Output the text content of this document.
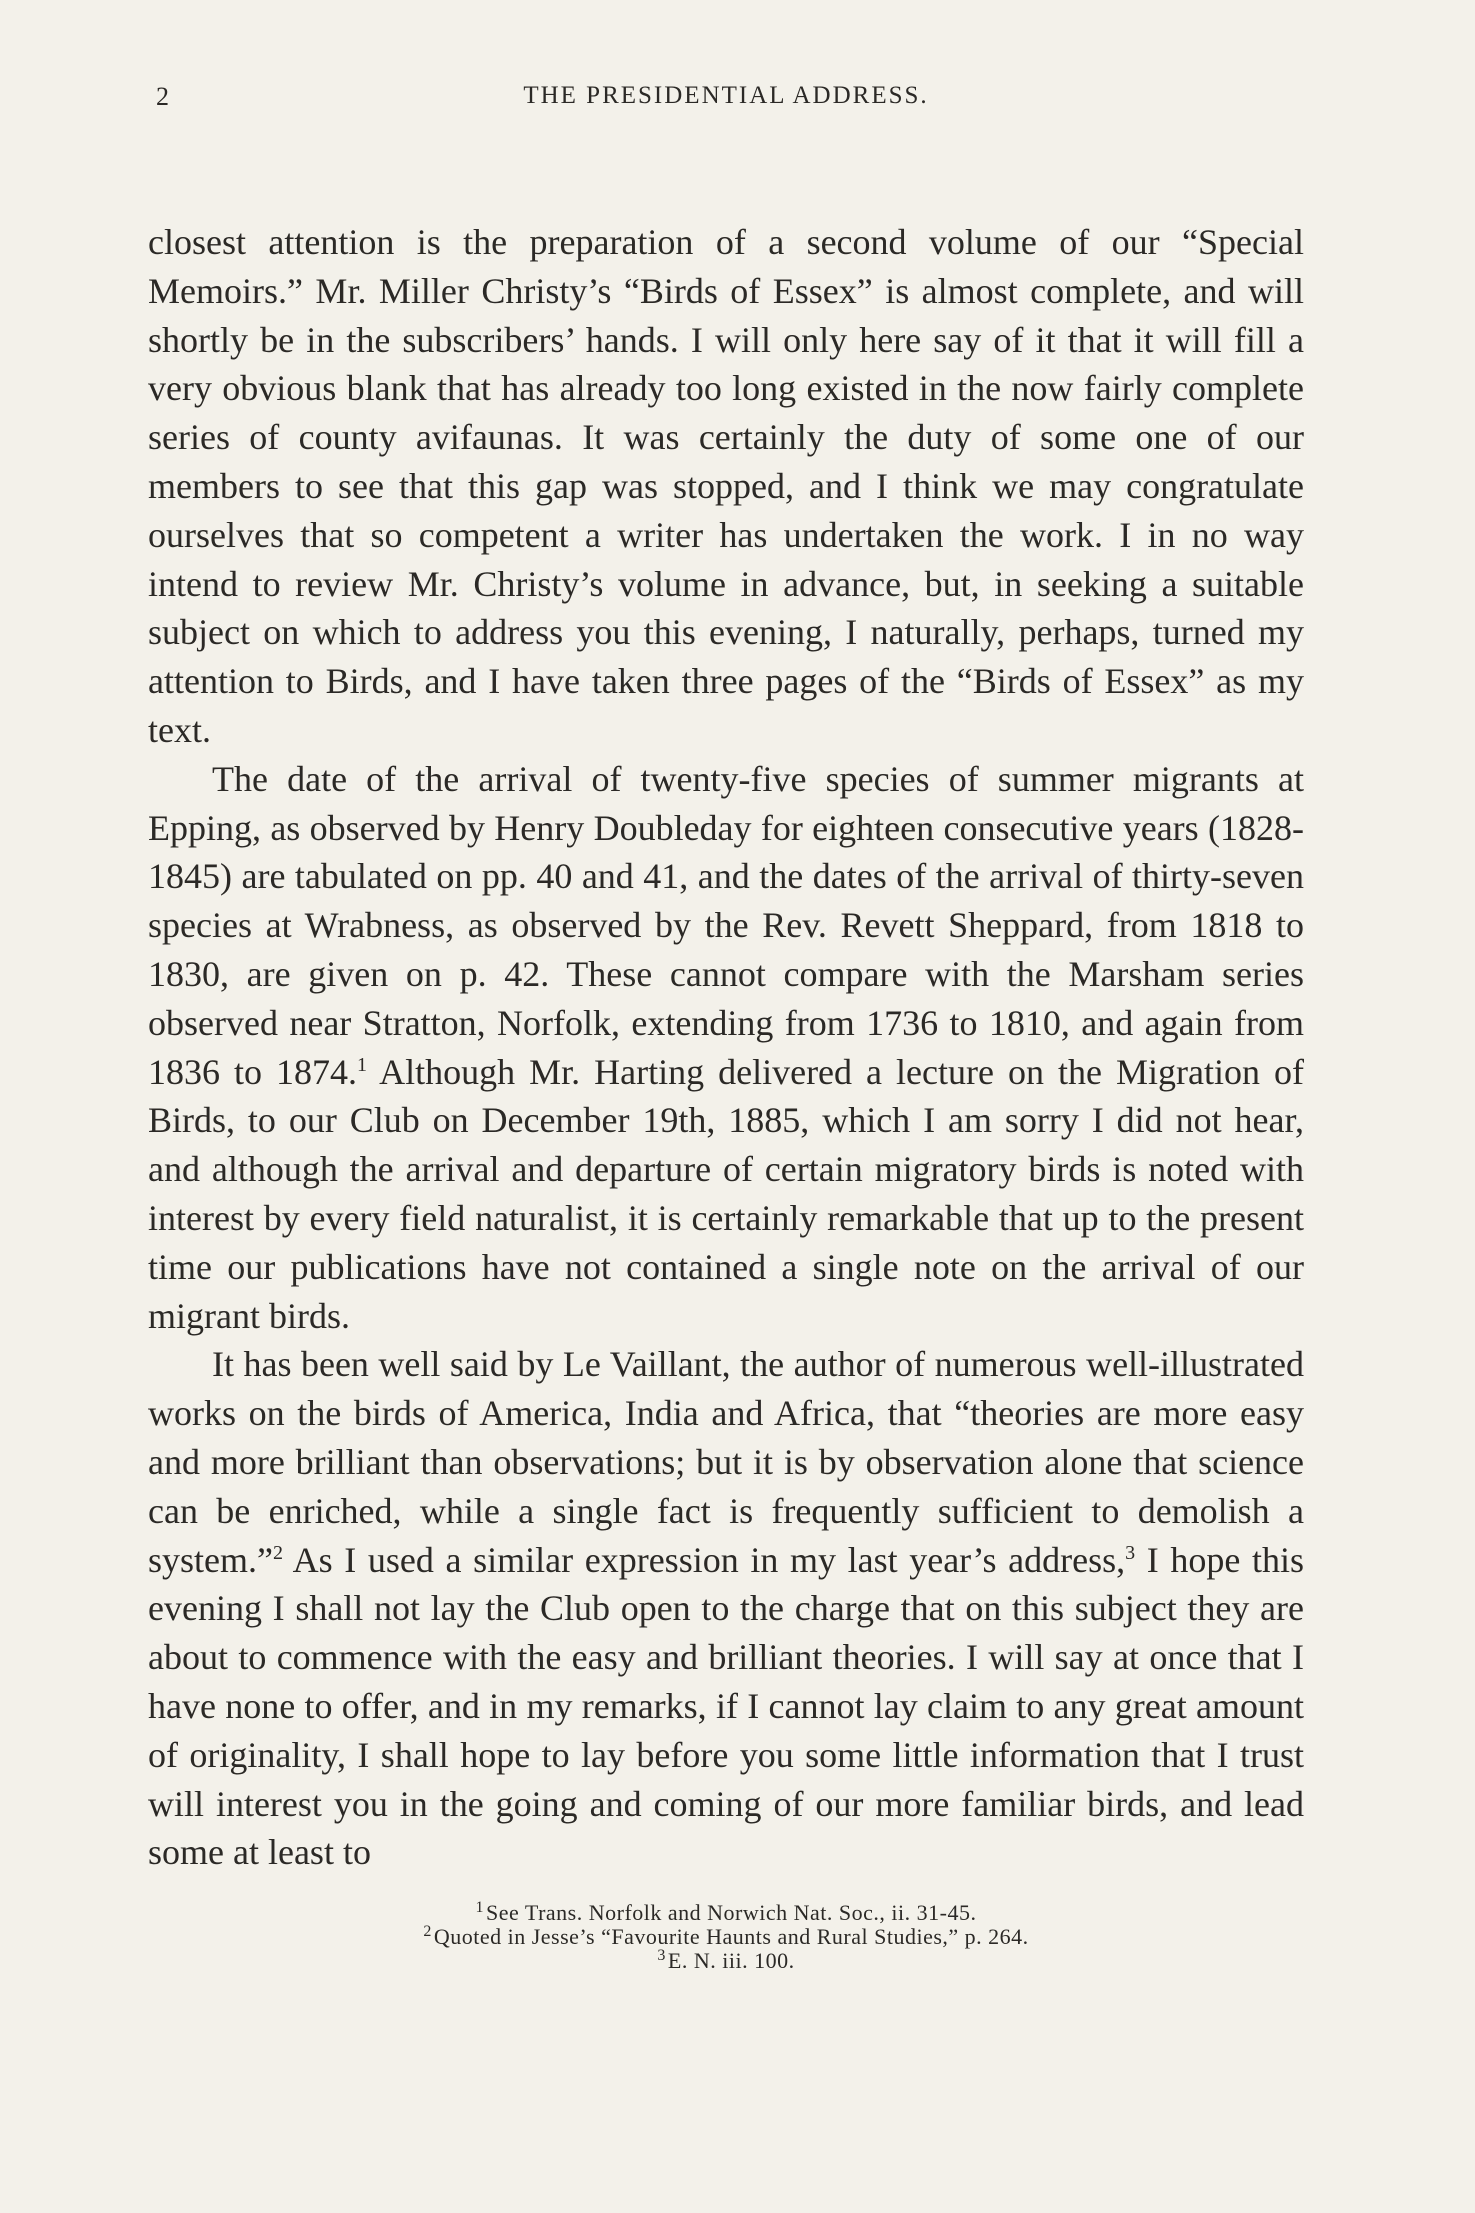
2	THE PRESIDENTIAL ADDRESS.

closest attention is the preparation of a second volume of our “Special Memoirs.” Mr. Miller Christy’s “Birds of Essex” is almost complete, and will shortly be in the subscribers’ hands. I will only here say of it that it will fill a very obvious blank that has already too long existed in the now fairly complete series of county avifaunas. It was certainly the duty of some one of our members to see that this gap was stopped, and I think we may congratulate ourselves that so competent a writer has undertaken the work. I in no way intend to review Mr. Christy’s volume in advance, but, in seeking a suitable subject on which to address you this evening, I naturally, perhaps, turned my attention to Birds, and I have taken three pages of the “Birds of Essex” as my text.

The date of the arrival of twenty-five species of summer migrants at Epping, as observed by Henry Doubleday for eighteen consecutive years (1828-1845) are tabulated on pp. 40 and 41, and the dates of the arrival of thirty-seven species at Wrabness, as observed by the Rev. Revett Sheppard, from 1818 to 1830, are given on p. 42. These cannot compare with the Marsham series observed near Stratton, Norfolk, extending from 1736 to 1810, and again from 1836 to 1874.$^1$ Although Mr. Harting delivered a lecture on the Migration of Birds, to our Club on December 19th, 1885, which I am sorry I did not hear, and although the arrival and departure of certain migratory birds is noted with interest by every field naturalist, it is certainly remarkable that up to the present time our publications have not contained a single note on the arrival of our migrant birds.

It has been well said by Le Vaillant, the author of numerous well-illustrated works on the birds of America, India and Africa, that “theories are more easy and more brilliant than observations; but it is by observation alone that science can be enriched, while a single fact is frequently sufficient to demolish a system.”$^2$ As I used a similar expression in my last year’s address,$^3$ I hope this evening I shall not lay the Club open to the charge that on this subject they are about to commence with the easy and brilliant theories. I will say at once that I have none to offer, and in my remarks, if I cannot lay claim to any great amount of originality, I shall hope to lay before you some little information that I trust will interest you in the going and coming of our more familiar birds, and lead some at least to

$^1$See Trans. Norfolk and Norwich Nat. Soc., ii. 31-45.
$^2$Quoted in Jesse’s “Favourite Haunts and Rural Studies,” p. 264.
$^3$E. N. iii. 100.
